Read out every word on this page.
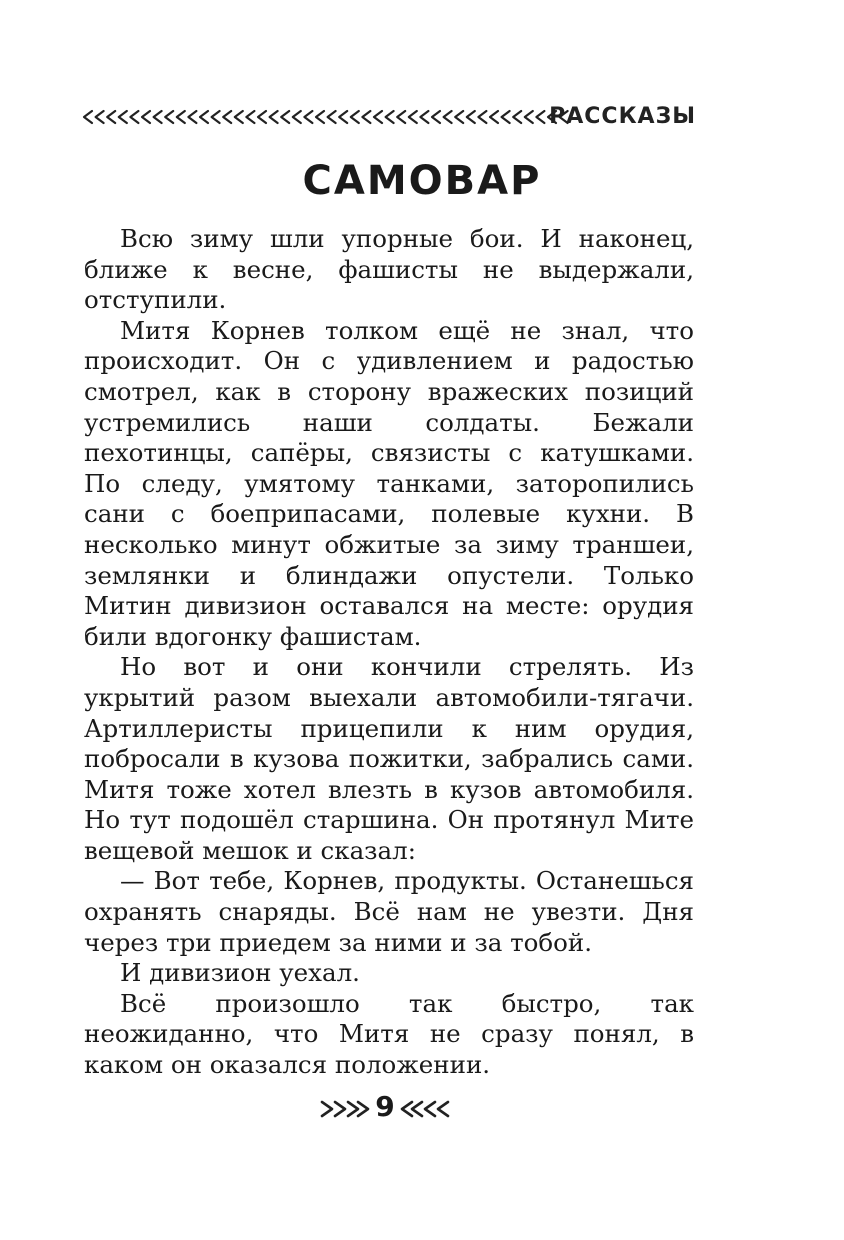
РАССКАЗЫ
САМОВАР

Всю зиму шли упорные бои. И наконец, ближе к весне, фашисты не выдержали, отступили.

Митя Корнев толком ещё не знал, что происходит. Он с удивлением и радостью смотрел, как в сторону вражеских позиций устремились наши солдаты. Бежали пехотинцы, сапёры, связисты с катушками. По следу, умятому танками, заторопились сани с боеприпасами, полевые кухни. В несколько минут обжитые за зиму траншеи, землянки и блиндажи опустели. Только Митин дивизион оставался на месте: орудия били вдогонку фашистам.

Но вот и они кончили стрелять. Из укрытий разом выехали автомобили-тягачи. Артиллеристы прицепили к ним орудия, побросали в кузова пожитки, забрались сами. Митя тоже хотел влезть в кузов автомобиля. Но тут подошёл старшина. Он протянул Мите вещевой мешок и сказал:

— Вот тебе, Корнев, продукты. Останешься охранять снаряды. Всё нам не увезти. Дня через три приедем за ними и за тобой.

И дивизион уехал.

Всё произошло так быстро, так неожиданно, что Митя не сразу понял, в каком он оказался положении.

9
